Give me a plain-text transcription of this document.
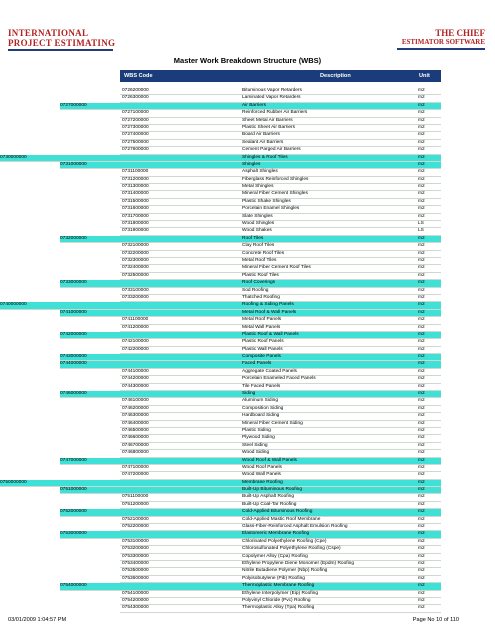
INTERNATIONAL
PROJECT ESTIMATING
THE CHIEF
ESTIMATOR SOFTWARE
Master Work Breakdown Structure (WBS)
WBS Code	Description	Unit
0726200000	Bituminous Vapor Retarders	m2
0726300000	Laminated Vapor Retarders	m2
0727000000	Air Barriers	m2
0727100000	Reinforced Rubber Air Barriers	m2
0727200000	Sheet Metal Air Barriers	m2
0727300000	Plastic Sheet Air Barriers	m2
0727400000	Board Air Barriers	m2
0727500000	Sealant Air Barriers	m2
0727600000	Cement Parged Air Barriers	m2
0730000000	Shingles & Roof Tiles	m2
0731000000	Shingles	m2
0731100000	Asphalt Shingles	m2
0731200000	Fiberglass Reinforced Shingles	m2
0731300000	Metal Shingles	m2
0731400000	Mineral Fiber Cement Shingles	m2
0731500000	Plastic Shake Shingles	m2
0731600000	Porcelain Enamel Shingles	m2
0731700000	Slate Shingles	m2
0731800000	Wood Shingles	LS
0731900000	Wood Shakes	LS
0732000000	Roof Tiles	m2
0732100000	Clay Roof Tiles	m2
0732200000	Concrete Roof Tiles	m2
0732300000	Metal Roof Tiles	m2
0732400000	Mineral Fiber Cement Roof Tiles	m2
0732500000	Plastic Roof Tiles	m2
0733000000	Roof Coverings	m2
0733100000	Sod Roofing	m2
0733200000	Thatched Roofing	m2
0740000000	Roofing & Siding Panels	m2
0741000000	Metal Roof & Wall Panels	m2
0741100000	Metal Roof Panels	m2
0741200000	Metal Wall Panels	m2
0742000000	Plastic Roof & Wall Panels	m2
0742100000	Plastic Roof Panels	m2
0742200000	Plastic Wall Panels	m2
0743000000	Composite Panels	m2
0744000000	Faced Panels	m2
0744100000	Aggregate Coated Panels	m2
0744200000	Porcelain Enameled Faced Panels	m2
0744300000	Tile Faced Panels	m2
0746000000	Siding	m2
0746100000	Aluminum Siding	m2
0746200000	Composition Siding	m2
0746300000	Hardboard Siding	m2
0746400000	Mineral Fiber Cement Siding	m2
0746500000	Plastic Siding	m2
0746600000	Plywood Siding	m2
0746700000	Steel Siding	m2
0746800000	Wood Siding	m2
0747000000	Wood Roof & Wall Panels	m2
0747100000	Wood Roof Panels	m2
0747200000	Wood Wall Panels	m2
0750000000	Membrane Roofing	m2
0751000000	Built-Up Bituminous Roofing	m2
0751100000	Built-Up Asphalt Roofing	m2
0751200000	Built-Up Coal-Tar Roofing	m2
0752000000	Cold-Applied Bituminous Roofing	m2
0752100000	Cold-Applied Mastic Roof Membrane	m2
0752200000	Glass-Fiber-Reinforced Asphalt Emulsion Roofing	m2
0753000000	Elastomeric Membrane Roofing	m2
0753100000	Chlorinated Polyethylene Roofing (Cpe)	m2
0753200000	Chlorosulfonated Polyethylene Roofing (Cspe)	m2
0753300000	Copolymer Alloy (Cpa) Roofing	m2
0753400000	Ethylene Propylene Diene Monomer (Epdm) Roofing	m2
0753500000	Nitrile Butadiene Polymer (Nbp) Roofing	m2
0753600000	Polyisobutylene (Pib) Roofing	m2
0754000000	Thermoplastic Membrane Roofing	m2
0754100000	Ethylene Interpolymer (Eip) Roofing	m2
0754200000	Polyvinyl Chloride (Pvc) Roofing	m2
0754300000	Thermoplastic Alloy (Tpa) Roofing	m2
03/01/2009 1:04:57 PM	Page No 10 of 110
